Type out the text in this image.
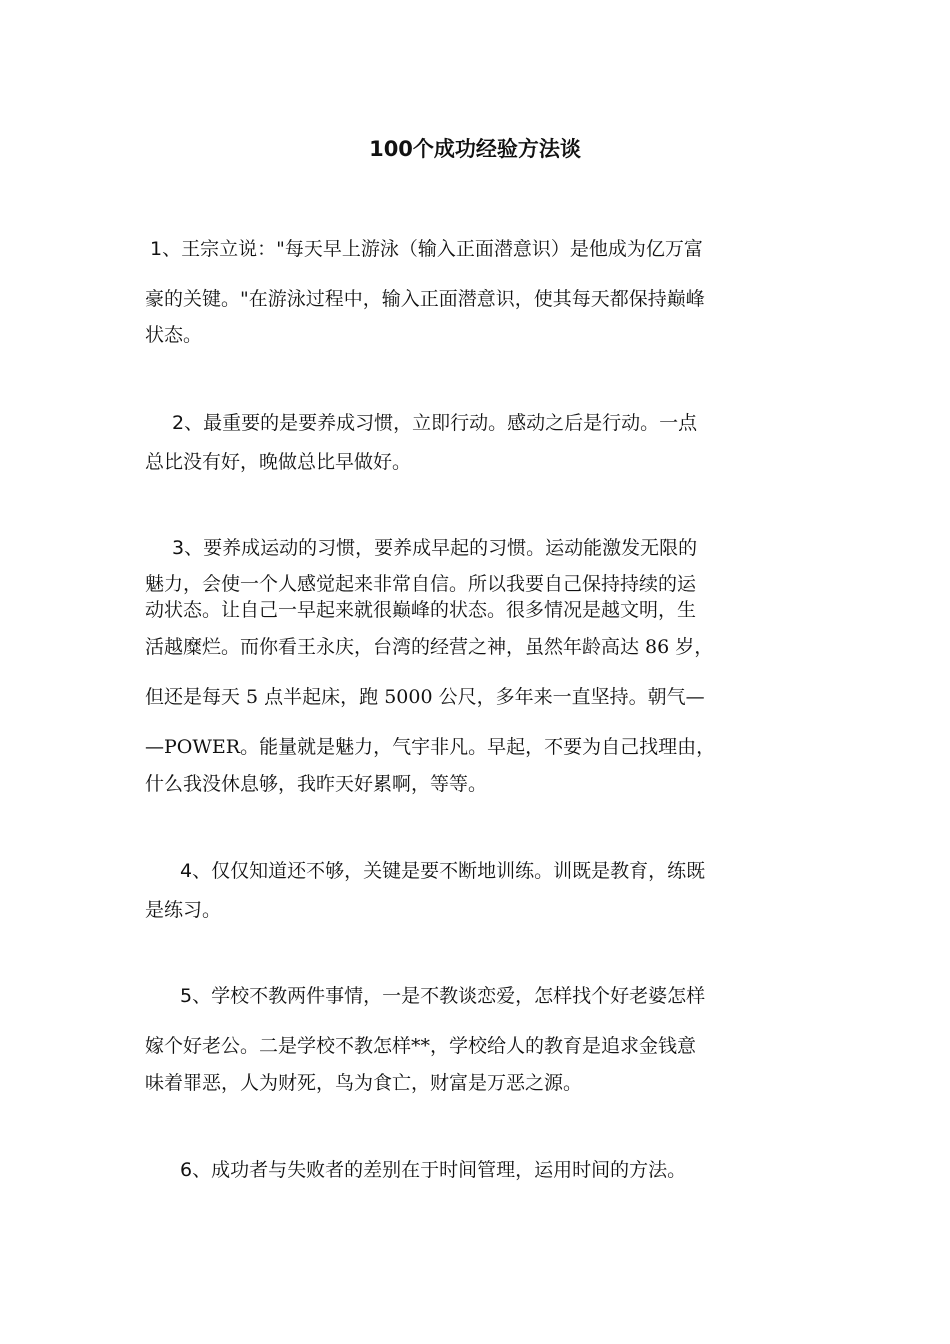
100个成功经验方法谈

1、王宗立说："每天早上游泳（输入正面潜意识）是他成为亿万富

豪的关键。"在游泳过程中，输入正面潜意识，使其每天都保持巅峰

状态。

2、最重要的是要养成习惯，立即行动。感动之后是行动。一点

总比没有好，晚做总比早做好。

3、要养成运动的习惯，要养成早起的习惯。运动能激发无限的

魅力，会使一个人感觉起来非常自信。所以我要自己保持持续的运

动状态。让自己一早起来就很巅峰的状态。很多情况是越文明，生

活越糜烂。而你看王永庆，台湾的经营之神，虽然年龄高达 86 岁，

但还是每天 5 点半起床，跑 5000 公尺，多年来一直坚持。朝气—

—POWER。能量就是魅力，气宇非凡。早起，不要为自己找理由，

什么我没休息够，我昨天好累啊，等等。

4、仅仅知道还不够，关键是要不断地训练。训既是教育，练既

是练习。

5、学校不教两件事情，一是不教谈恋爱，怎样找个好老婆怎样

嫁个好老公。二是学校不教怎样**，学校给人的教育是追求金钱意

味着罪恶，人为财死，鸟为食亡，财富是万恶之源。

6、成功者与失败者的差别在于时间管理，运用时间的方法。
